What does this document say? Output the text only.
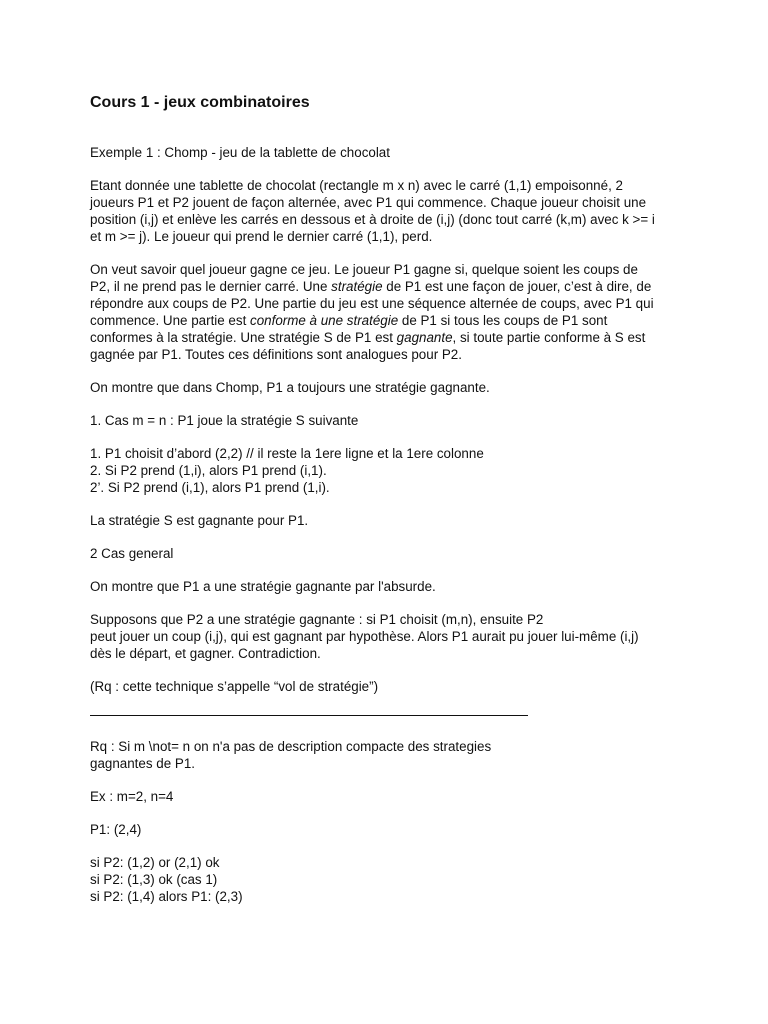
Cours 1 - jeux combinatoires

Exemple 1 : Chomp - jeu de la tablette de chocolat

Etant donnée une tablette de chocolat (rectangle m x n) avec le carré (1,1) empoisonné, 2
joueurs P1 et P2 jouent de façon alternée, avec P1 qui commence. Chaque joueur choisit une
position (i,j) et enlève les carrés en dessous et à droite de (i,j) (donc tout carré (k,m) avec k >= i
et m >= j). Le joueur qui prend le dernier carré (1,1), perd.

On veut savoir quel joueur gagne ce jeu. Le joueur P1 gagne si, quelque soient les coups de
P2, il ne prend pas le dernier carré. Une stratégie de P1 est une façon de jouer, c’est à dire, de
répondre aux coups de P2. Une partie du jeu est une séquence alternée de coups, avec P1 qui
commence. Une partie est conforme à une stratégie de P1 si tous les coups de P1 sont
conformes à la stratégie. Une stratégie S de P1 est gagnante, si toute partie conforme à S est
gagnée par P1. Toutes ces définitions sont analogues pour P2.

On montre que dans Chomp, P1 a toujours une stratégie gagnante.

1. Cas m = n : P1 joue la stratégie S suivante

1. P1 choisit d’abord (2,2) // il reste la 1ere ligne et la 1ere colonne
2. Si P2 prend (1,i), alors P1 prend (i,1).
2’. Si P2 prend (i,1), alors P1 prend (1,i).

La stratégie S est gagnante pour P1.

2 Cas general

On montre que P1 a une stratégie gagnante par l'absurde.

Supposons que P2 a une stratégie gagnante : si P1 choisit (m,n), ensuite P2
peut jouer un coup (i,j), qui est gagnant par hypothèse. Alors P1 aurait pu jouer lui-même (i,j)
dès le départ, et gagner. Contradiction.

(Rq : cette technique s’appelle “vol de stratégie”)

Rq : Si m \not= n on n'a pas de description compacte des strategies
gagnantes de P1.

Ex : m=2, n=4

P1: (2,4)

si P2: (1,2) or (2,1) ok
si P2: (1,3) ok (cas 1)
si P2: (1,4) alors P1: (2,3)
